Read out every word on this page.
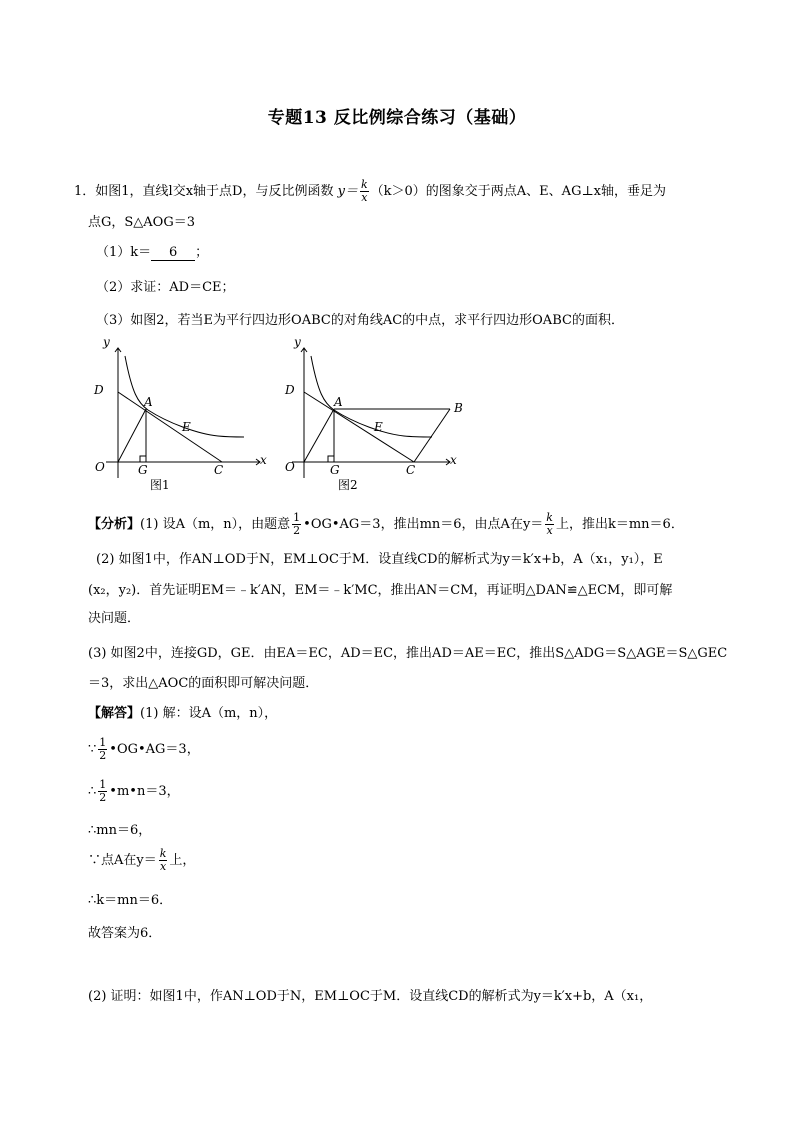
专题13 反比例综合练习（基础）
1．如图1，直线l交x轴于点D，与反比例函数 $y= \frac{k}{x} (k>0)$的图象交于两点A、E、AG⊥x轴，垂足为
点G，S△AOG＝3
（1）k＝ 6 ；
（2）求证：AD＝CE；
（3）如图2，若当E为平行四边形OABC的对角线AC的中点，求平行四边形OABC的面积．
y
x
O
D
A
E
G	C
图1
y
x
O
D
A
E
G	C
B
图2
【分析】(1) 设A（m，n），由题意 $\frac{1}{2}$ •OG•AG＝3，推出mn＝6，由点A在$y= \frac{k}{x}$ 上，推出k＝mn＝6．
(2) 如图1中，作AN⊥OD于N，EM⊥OC于M．设直线CD的解析式为y＝k′x+b，A（x₁，y₁），E
(x₂，y₂)．首先证明EM＝﹣k′AN，EM＝﹣k′MC，推出AN＝CM，再证明△DAN≌△ECM，即可解
决问题．
(3) 如图2中，连接GD，GE．由EA＝EC，AD＝EC，推出AD＝AE＝EC，推出S△ADG＝S△AGE＝S△GEC
＝3，求出△AOC的面积即可解决问题．
【解答】(1) 解：设A（m，n），
∵ $\frac{1}{2}$ •OG•AG＝3，
∴ $\frac{1}{2}$ •m•n＝3，
∴mn＝6，
∵点A在$y= \frac{k}{x}$ 上，
∴k＝mn＝6．
故答案为6．
(2) 证明：如图1中，作AN⊥OD于N，EM⊥OC于M．设直线CD的解析式为y＝k′x+b，A（x₁，
